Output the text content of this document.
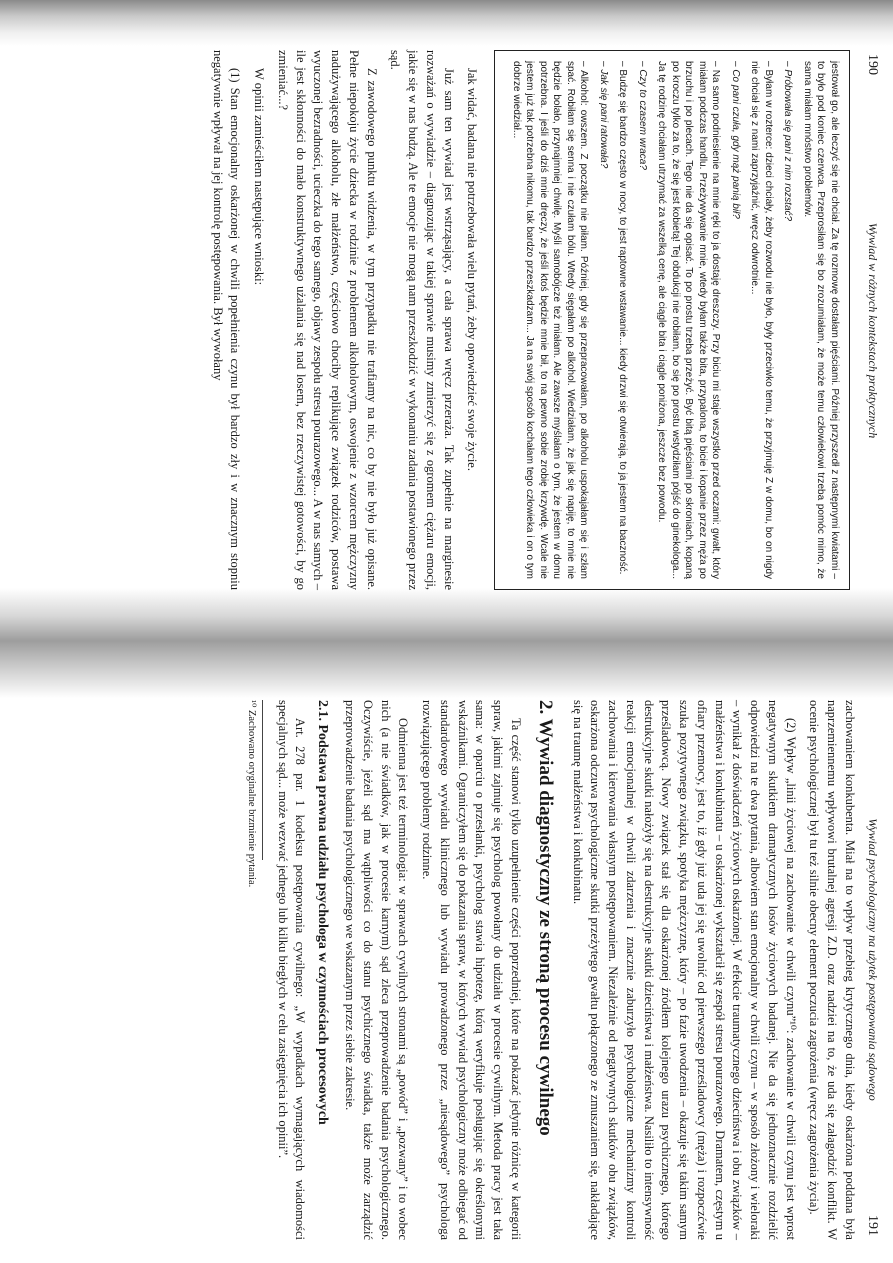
190
Wywiad w różnych kontekstach praktycznych

jestował go, ale leczyć się nie chciał. Za tę rozmowę dostałam pięściami. Później przyszedł z następnymi kwiatami – to było pod koniec czerwca. Przeprosiłam się bo zrozumiałam, że może temu człowiekowi trzeba pomóc mimo, że sama miałam mnóstwo problemów.

– Próbowała się pani z nim rozstać?

– Byłam w rozterce: dzieci chciały, żeby rozwodu nie było, były przeciwko temu, że przyjmuję Z w domu, bo on nigdy nie chciał się z nami zaprzyjaźnić, wręcz odwrotnie...

– Co pani czuła, gdy mąż panią bił?

– Na samo podniesienie na mnie ręki to ja dostaję dreszczy. Przy biciu mi staje wszystko przed oczami: gwałt, który miałam podczas handlu. Przeżywywanie mnie, wtedy byłam także bita, przypalona, to bicie i kopanie przez męża po brzuchu i po plecach. Tego nie da się opisać. To po prostu trzeba przeżyć. Być bitą pięściami po skroniach, kopaną po kroczu tylko za to, że się jest kobietą! Tej obdukcji nie robiłam, bo się po prostu wstydziłam pójść do ginekologa... Ja tę rodzinę chciałam utrzymać za wszelką cenę, ale ciągle bita i ciągle poniżona, jeszcze bez powodu.

– Czy to czasem wraca?

– Budzę się bardzo często w nocy, to jest raptowne wstawanie... kiedy drzwi się otwierają, to ja jestem na baczność.

– Jak się pani ratowała?

– Alkohol: owszem. Z początku nie piłam. Później, gdy się przepracowałam, po alkoholu uspokajałam się i szłam spać. Robiłam się senna i nie czułam bólu. Wtedy sięgałam po alkohol. Wiedziałam, że jak się napiję, to mnie nie będzie bolało, przynajmniej chwilę. Myśli samobójcze też miałam. Ale zawsze myślałam o tym, że jestem w domu potrzebna. I jeśli do dziś mnie dręczy, że jeśli ktoś będzie mnie bił, to na pewno sobie zrobię krzywdę. Wcale nie jestem już tak potrzebna nikomu, tak bardzo przeszkadzam... Ja na swój sposób kochałam tego człowieka i on o tym dobrze wiedział...

Jak widać, badana nie potrzebowała wielu pytań, żeby opowiedzieć swoje życie.

Już sam ten wywiad jest wstrząsający, a cała sprawa wręcz przeraża. Tak zupełnie na marginesie rozważań o wywiadzie – diagnozując w takiej sprawie musimy zmierzyć się z ogromem ciężaru emocji, jakie się w nas budzą. Ale te emocje nie mogą nam przeszkodzić w wykonaniu zadania postawionego przez sąd.

Z zawodowego punktu widzenia, w tym przypadku nie trafiamy na nic, co by nie było już opisane. Pełne niepokoju życie dziecka w rodzinie z problemem alkoholowym, oswojenie z wzorcem mężczyzny nadużywającego alkoholu, złe małżeństwo, częściowo chociby replikujące związek rodziców, postawa wyuczonej bezradności, ucieczka do tego samego, objawy zespołu stresu pourazowego... A w nas samych – ile jest skłonności do mało konstruktywnego użalania się nad losem, bez rzeczywistej gotowości, by go zmieniać...?

W opinii zamieściłem następujące wnioski:

(1) Stan emocjonalny oskarżonej w chwili popełnienia czynu był bardzo zły i w znacznym stopniu negatywnie wpływał na jej kontrolę postępowania. Był wywołany

Wywiad psychologiczny na użytek postępowania sądowego
191

zachowaniem konkubenta. Miał na to wpływ przebieg krytycznego dnia, kiedy oskarżona poddana była naprzemiennemu wpływowi brutalnej agresji Z.D. oraz nadziei na to, że uda się załagodzić konflikt. W ocenie psychologicznej był tu też silnie obecny element poczucia zagrożenia (wręcz zagrożenia życia).

(2) Wpływ „linii życiowej na zachowanie w chwili czynu”¹⁰: zachowanie w chwili czynu jest wprost negatywnym skutkiem dramatycznych losów życiowych badanej. Nie da się jednoznacznie rozdzielić odpowiedzi na te dwa pytania, albowiem stan emocjonalny w chwili czynu – w sposób złożony i wieloraki – wynikał z doświadczeń życiowych oskarżonej. W efekcie traumatycznego dzieciństwa i obu związków – małżeństwa i konkubinatu – u oskarżonej wykształcił się zespół stresu pourazowego. Dramatem, częstym u ofiary przemocy, jest to, iż gdy już uda jej się uwolnić od pierwszego prześladowcy (męża) i rozpoczćwie szuka pozytywnego związku, spotyka mężczyznę, który – po fazie uwodzenia – okazuje się takim samym prześladowcą. Nowy związek stał się dla oskarżonej źródłem kolejnego urazu psychicznego, którego destrukcyjne skutki nałożyły się na destrukcyjne skutki dzieciństwa i małżeństwa. Nasiliło to intensywność reakcji emocjonalnej w chwili zdarzenia i znacznie zaburzyło psychologiczne mechanizmy kontroli zachowania i kierowania własnym postępowaniem. Niezależnie od negatywnych skutków obu związków, oskarżona odczuwa psychologiczne skutki przeżytego gwałtu połączonego ze zmuszaniem się, nakładające się na traumę małżeństwa i konkubinatu.

2. Wywiad diagnostyczny ze stroną procesu cywilnego

Ta część stanowi tylko uzupełnienie części poprzedniej, które na pokazać jedynie różnicę w kategorii spraw, jakimi zajmuje się psycholog powołany do udziału w procesie cywilnym. Metoda pracy jest taka sama: w oparciu o przesłanki, psycholog stawia hipotezę, którą weryfikuje posługując się określonymi wskaźnikami. Ograniczyłem się do pokazania spraw, w których wywiad psychologiczny może odbiegać od standardowego wywiadu klinicznego lub wywiadu prowadzonego przez „niesądowego” psychologa rozwiązującego problemy rodzinne.

Odmienna jest też terminologia: w sprawach cywilnych stronami są „powód” i „pozwany” i to wobec nich (a nie świadków, jak w procesie karnym) sąd zleca przeprowadzenie badania psychologicznego. Oczywiście, jeżeli sąd ma wątpliwości co do stanu psychicznego świadka, także może zarządzić przeprowadzenie badania psychologicznego we wskazanym przez siebie zakresie.

2.1. Podstawa prawna udziału psychologa w czynnościach procesowych

Art. 278 par. 1 kodeksu postępowania cywilnego: „W wypadkach wymagających wiadomości specjalnych sąd... może wezwać jednego lub kilku biegłych w celu zasięgnięcia ich opinii”.

¹⁰ Zachowano oryginalne brzmienie pytania.
